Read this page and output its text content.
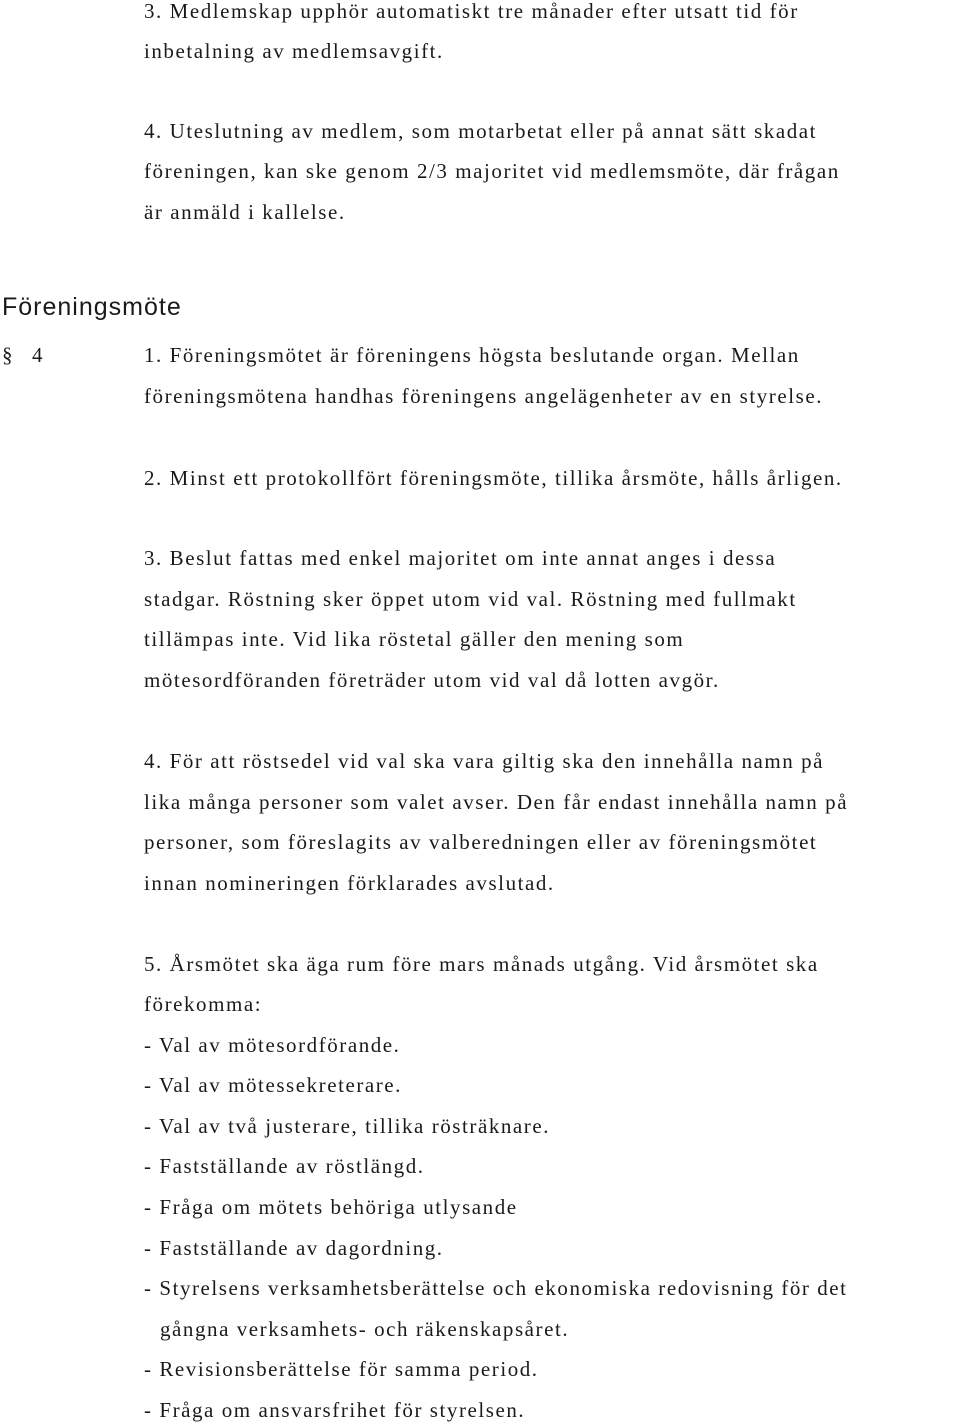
3. Medlemskap upphör automatiskt tre månader efter utsatt tid för
inbetalning av medlemsavgift.
4. Uteslutning av medlem, som motarbetat eller på annat sätt skadat
föreningen, kan ske genom 2/3 majoritet vid medlemsmöte, där frågan
är anmäld i kallelse.
Föreningsmöte
§ 4	1. Föreningsmötet är föreningens högsta beslutande organ. Mellan
föreningsmötena handhas föreningens angelägenheter av en styrelse.
2. Minst ett protokollfört föreningsmöte, tillika årsmöte, hålls årligen.
3. Beslut fattas med enkel majoritet om inte annat anges i dessa
stadgar. Röstning sker öppet utom vid val. Röstning med fullmakt
tillämpas inte. Vid lika röstetal gäller den mening som
mötesordföranden företräder utom vid val då lotten avgör.
4. För att röstsedel vid val ska vara giltig ska den innehålla namn på
lika många personer som valet avser. Den får endast innehålla namn på
personer, som föreslagits av valberedningen eller av föreningsmötet
innan nomineringen förklarades avslutad.
5. Årsmötet ska äga rum före mars månads utgång. Vid årsmötet ska
förekomma:
- Val av mötesordförande.
- Val av mötessekreterare.
- Val av två justerare, tillika rösträknare.
- Fastställande av röstlängd.
- Fråga om mötets behöriga utlysande
- Fastställande av dagordning.
- Styrelsens verksamhetsberättelse och ekonomiska redovisning för det
gångna verksamhets- och räkenskapsåret.
- Revisionsberättelse för samma period.
- Fråga om ansvarsfrihet för styrelsen.
